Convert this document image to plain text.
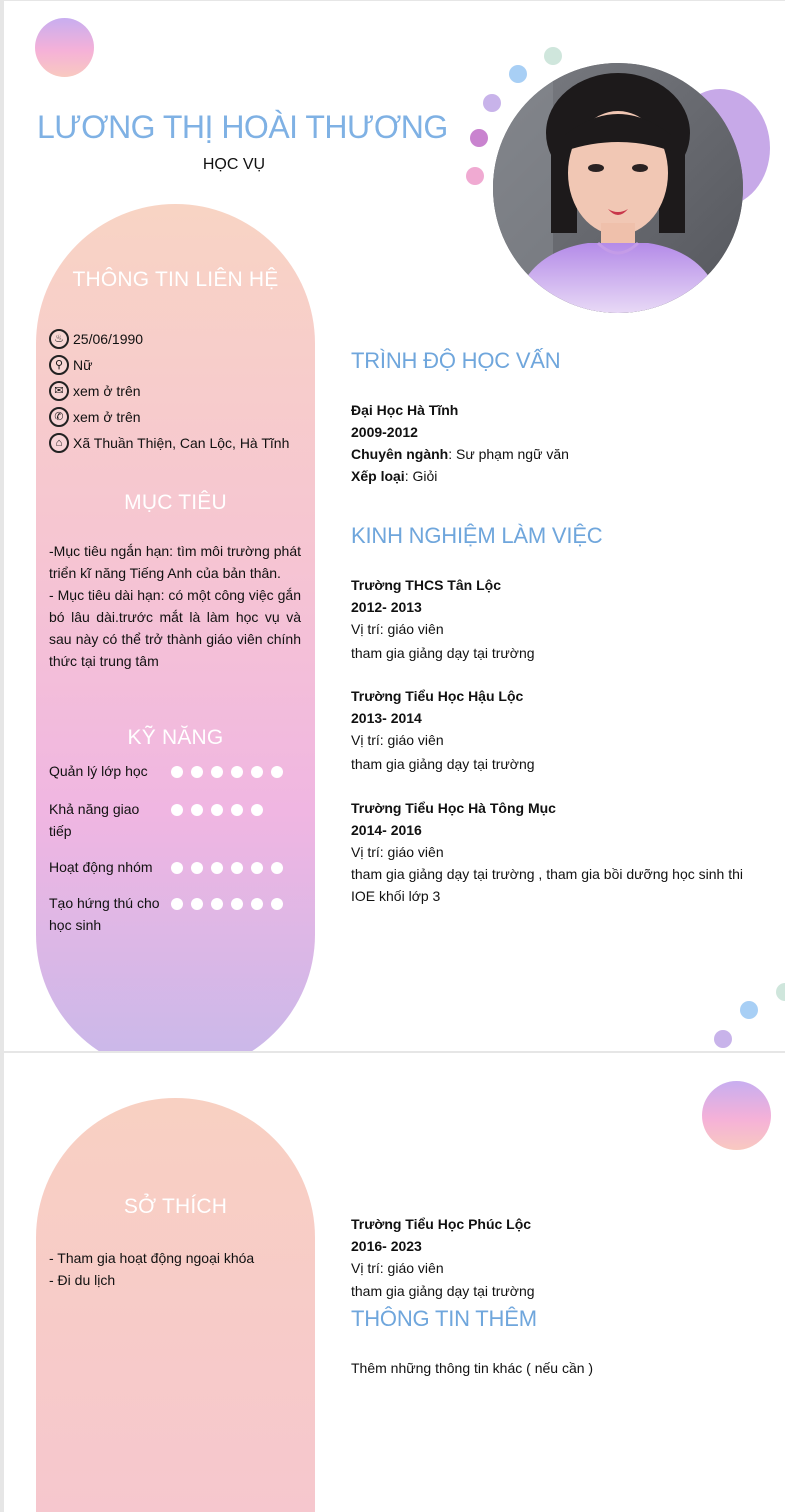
LƯƠNG THỊ HOÀI THƯƠNG
HỌC VỤ
THÔNG TIN LIÊN HỆ
♨ 25/06/1990
⚲ Nữ
✉ xem ở trên
✆ xem ở trên
⌂ Xã Thuần Thiện, Can Lộc, Hà Tĩnh
MỤC TIÊU
-Mục tiêu ngắn hạn: tìm môi trường phát triển kĩ năng Tiếng Anh của bản thân.
- Mục tiêu dài hạn: có một công việc gắn bó lâu dài.trước mắt là làm học vụ và sau này có thể trở thành giáo viên chính thức tại trung tâm
KỸ NĂNG
Quản lý lớp học
Khả năng giao tiếp
Hoạt động nhóm
Tạo hứng thú cho học sinh
TRÌNH ĐỘ HỌC VẤN
Đại Học Hà Tĩnh
2009-2012
Chuyên ngành: Sư phạm ngữ văn
Xếp loại: Giỏi
KINH NGHIỆM LÀM VIỆC
Trường THCS Tân Lộc
2012- 2013
Vị trí: giáo viên
tham gia giảng dạy tại trường
Trường Tiểu Học Hậu Lộc
2013- 2014
Vị trí: giáo viên
tham gia giảng dạy tại trường
Trường Tiểu Học Hà Tông Mục
2014- 2016
Vị trí: giáo viên
tham gia giảng dạy tại trường , tham gia bồi dưỡng học sinh thi IOE khối lớp 3
SỞ THÍCH
- Tham gia hoạt động ngoại khóa
- Đi du lịch
Trường Tiểu Học Phúc Lộc
2016- 2023
Vị trí: giáo viên
tham gia giảng dạy tại trường
THÔNG TIN THÊM
Thêm những thông tin khác ( nếu cần )
